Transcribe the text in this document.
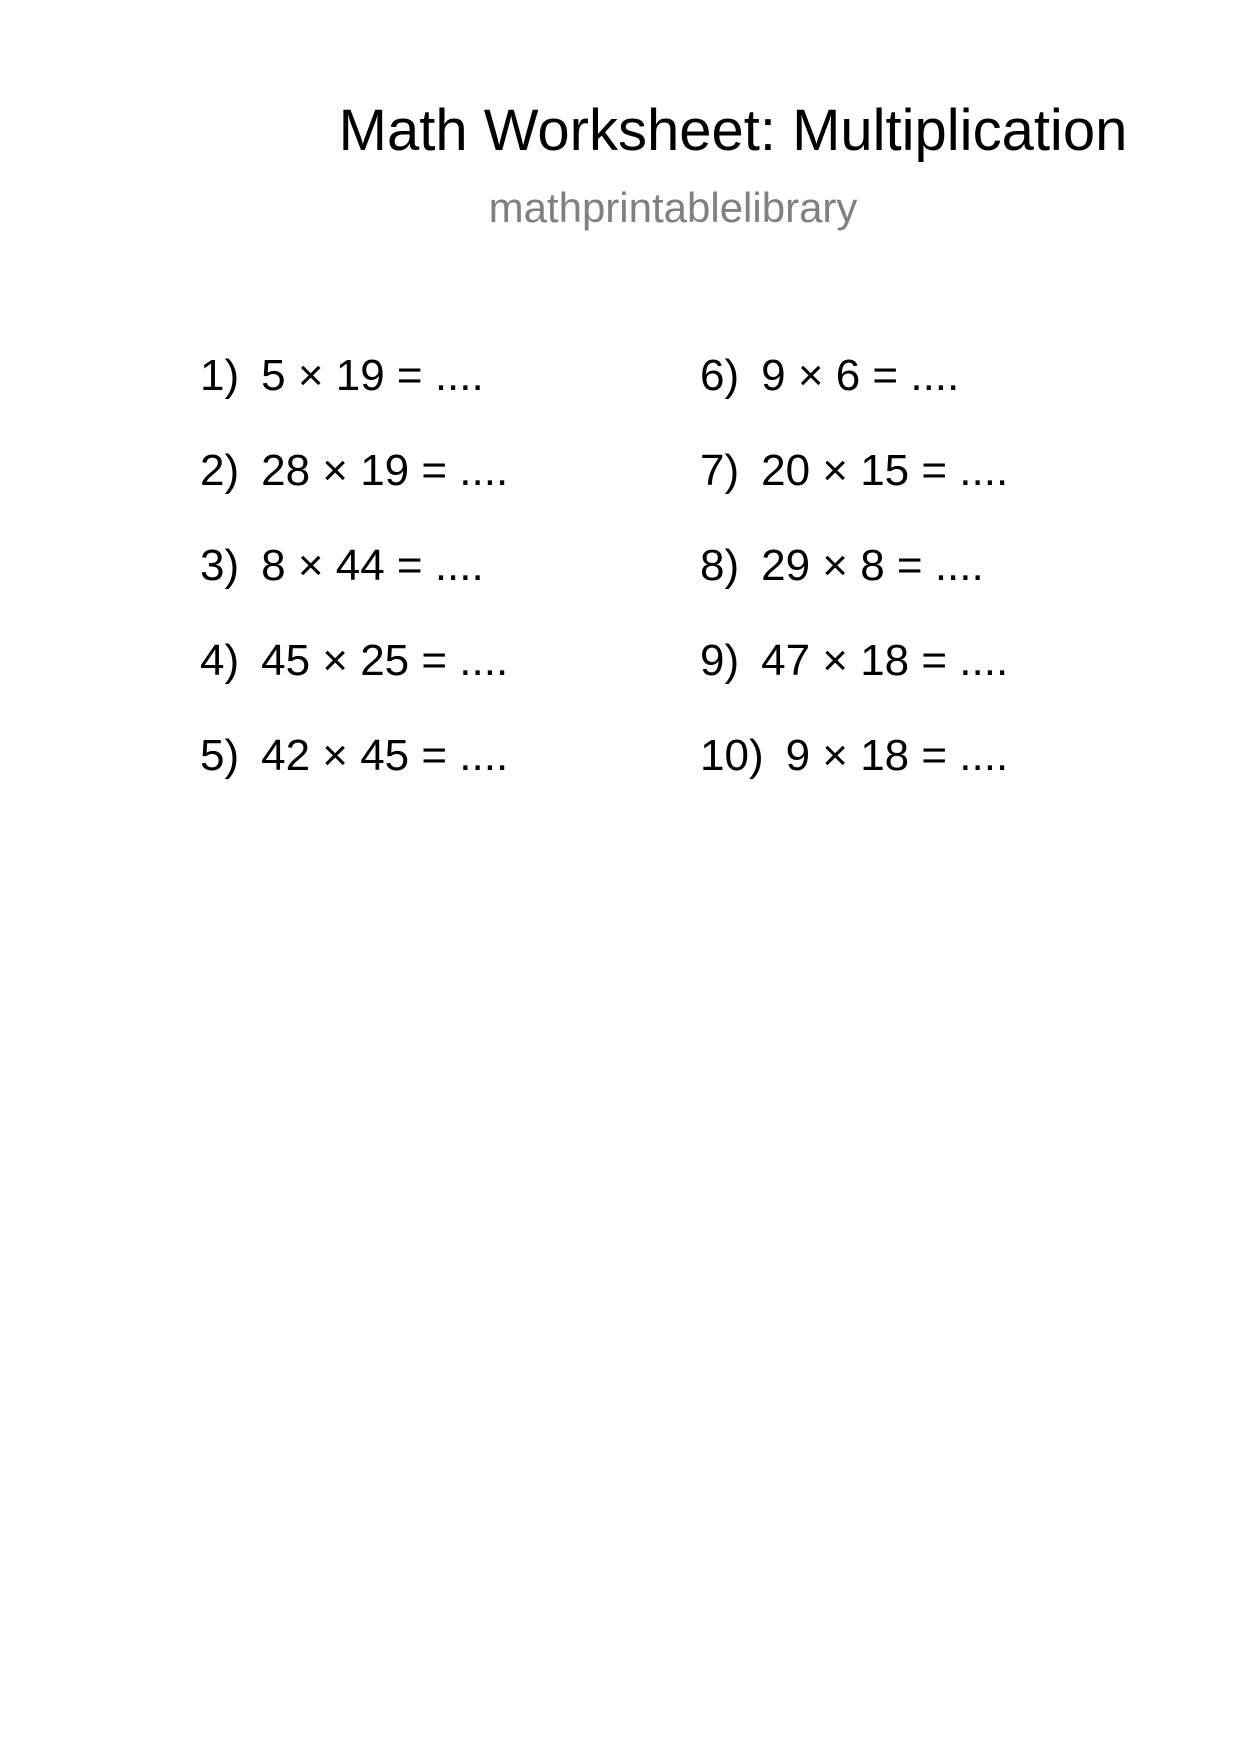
Math Worksheet: Multiplication
mathprintablelibrary
1) 5 × 19 = ....
2) 28 × 19 = ....
3) 8 × 44 = ....
4) 45 × 25 = ....
5) 42 × 45 = ....
6) 9 × 6 = ....
7) 20 × 15 = ....
8) 29 × 8 = ....
9) 47 × 18 = ....
10) 9 × 18 = ....
